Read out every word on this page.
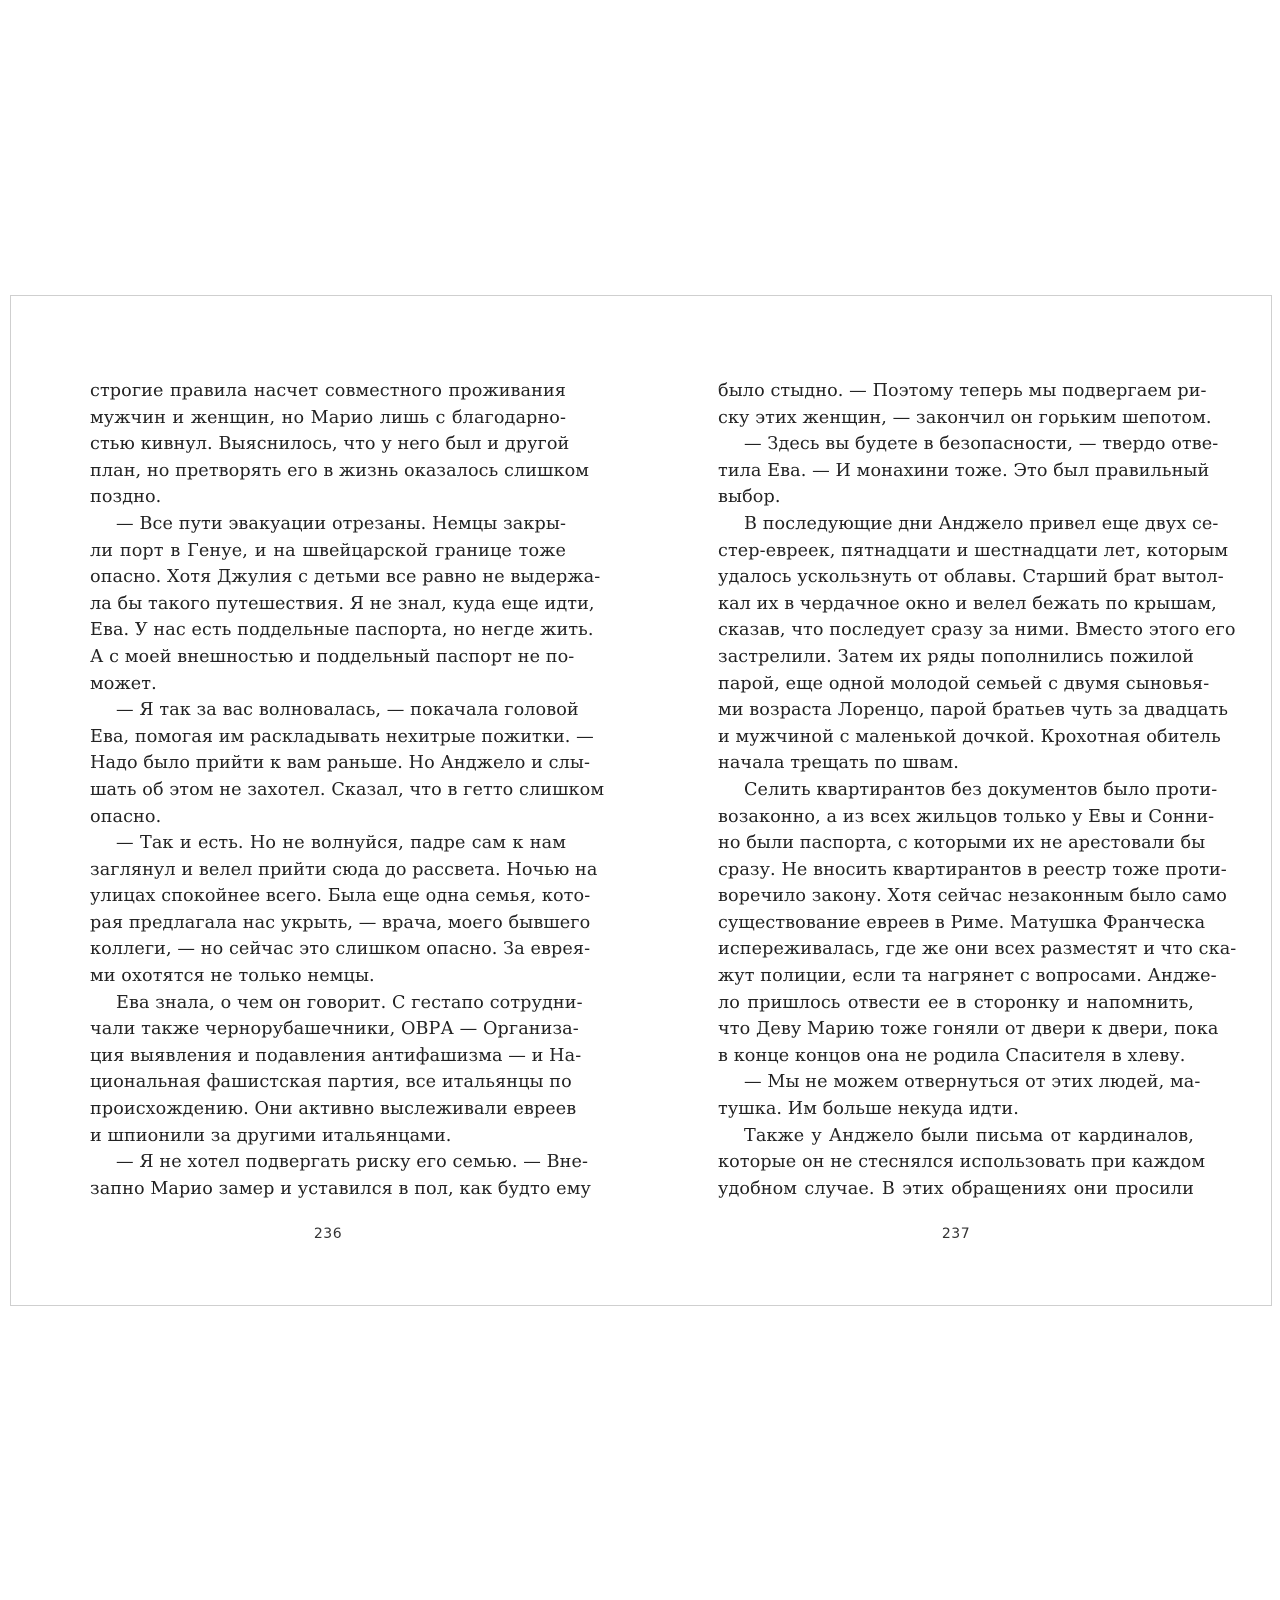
строгие правила насчет совместного проживания
мужчин и женщин, но Марио лишь с благодарно-
стью кивнул. Выяснилось, что у него был и другой
план, но претворять его в жизнь оказалось слишком
поздно.
— Все пути эвакуации отрезаны. Немцы закры-
ли порт в Генуе, и на швейцарской границе тоже
опасно. Хотя Джулия с детьми все равно не выдержа-
ла бы такого путешествия. Я не знал, куда еще идти,
Ева. У нас есть поддельные паспорта, но негде жить.
А с моей внешностью и поддельный паспорт не по-
может.
— Я так за вас волновалась, — покачала головой
Ева, помогая им раскладывать нехитрые пожитки. —
Надо было прийти к вам раньше. Но Анджело и слы-
шать об этом не захотел. Сказал, что в гетто слишком
опасно.
— Так и есть. Но не волнуйся, падре сам к нам
заглянул и велел прийти сюда до рассвета. Ночью на
улицах спокойнее всего. Была еще одна семья, кото-
рая предлагала нас укрыть, — врача, моего бывшего
коллеги, — но сейчас это слишком опасно. За еврея-
ми охотятся не только немцы.
Ева знала, о чем он говорит. С гестапо сотрудни-
чали также чернорубашечники, ОВРА — Организа-
ция выявления и подавления антифашизма — и На-
циональная фашистская партия, все итальянцы по
происхождению. Они активно выслеживали евреев
и шпионили за другими итальянцами.
— Я не хотел подвергать риску его семью. — Вне-
запно Марио замер и уставился в пол, как будто ему
236
было стыдно. — Поэтому теперь мы подвергаем ри-
ску этих женщин, — закончил он горьким шепотом.
— Здесь вы будете в безопасности, — твердо отве-
тила Ева. — И монахини тоже. Это был правильный
выбор.
В последующие дни Анджело привел еще двух се-
стер-евреек, пятнадцати и шестнадцати лет, которым
удалось ускользнуть от облавы. Старший брат вытол-
кал их в чердачное окно и велел бежать по крышам,
сказав, что последует сразу за ними. Вместо этого его
застрелили. Затем их ряды пополнились пожилой
парой, еще одной молодой семьей с двумя сыновья-
ми возраста Лоренцо, парой братьев чуть за двадцать
и мужчиной с маленькой дочкой. Крохотная обитель
начала трещать по швам.
Селить квартирантов без документов было проти-
возаконно, а из всех жильцов только у Евы и Сонни-
но были паспорта, с которыми их не арестовали бы
сразу. Не вносить квартирантов в реестр тоже проти-
воречило закону. Хотя сейчас незаконным было само
существование евреев в Риме. Матушка Франческа
испереживалась, где же они всех разместят и что ска-
жут полиции, если та нагрянет с вопросами. Андже-
ло пришлось отвести ее в сторонку и напомнить,
что Деву Марию тоже гоняли от двери к двери, пока
в конце концов она не родила Спасителя в хлеву.
— Мы не можем отвернуться от этих людей, ма-
тушка. Им больше некуда идти.
Также у Анджело были письма от кардиналов,
которые он не стеснялся использовать при каждом
удобном случае. В этих обращениях они просили
237
